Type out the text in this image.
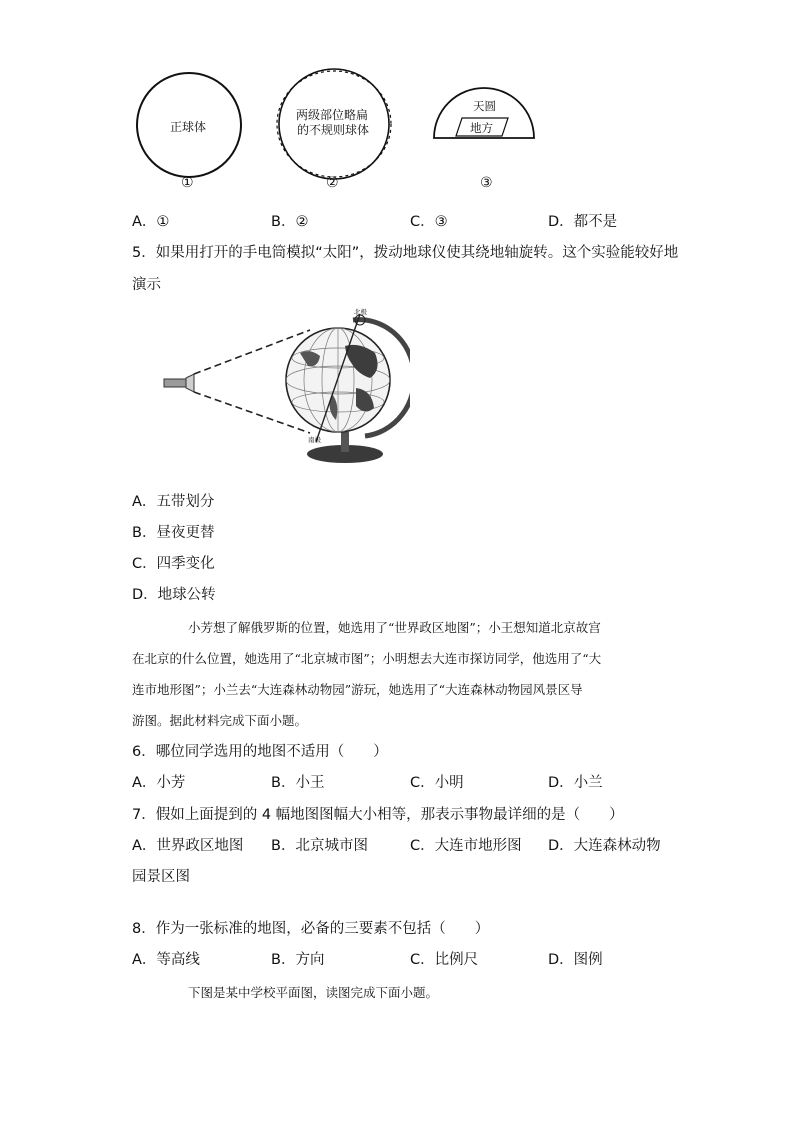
正球体
两级部位略扁
的不规则球体
天圆
地方
①	②	③
A．①	B．②	C．③	D．都不是
5．如果用打开的手电筒模拟“太阳”，拨动地球仪使其绕地轴旋转。这个实验能较好地
演示
北极
南极
A．五带划分
B．昼夜更替
C．四季变化
D．地球公转
小芳想了解俄罗斯的位置，她选用了“世界政区地图”；小王想知道北京故宫
在北京的什么位置，她选用了“北京城市图”；小明想去大连市探访同学，他选用了“大
连市地形图”；小兰去“大连森林动物园”游玩，她选用了“大连森林动物园风景区导
游图。据此材料完成下面小题。
6．哪位同学选用的地图不适用（　　）
A．小芳	B．小王	C．小明	D．小兰
7．假如上面提到的 4 幅地图图幅大小相等，那表示事物最详细的是（　　）
A．世界政区地图 B．北京城市图	C．大连市地形图 D．大连森林动物
园景区图
8．作为一张标准的地图，必备的三要素不包括（　　）
A．等高线	B．方向	C．比例尺	D．图例
下图是某中学校平面图，读图完成下面小题。
